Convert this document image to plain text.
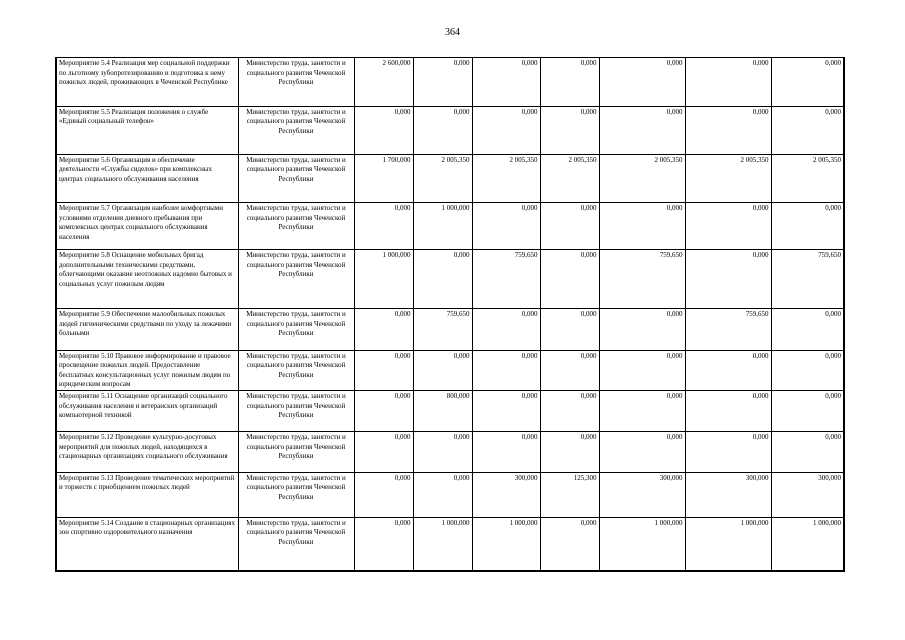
364
Мероприятие 5.4 Реализация мер социальной поддержки по льготному зубопротезированию и подготовка к нему пожилых людей, проживающих в Чеченской Республике	Министерство труда, занятости и социального развития Чеченской Республики	2 600,000	0,000	0,000	0,000	0,000	0,000	0,000

Мероприятие 5.5 Реализация положения о службе «Единый социальный телефон»	Министерство труда, занятости и социального развития Чеченской Республики	0,000	0,000	0,000	0,000	0,000	0,000	0,000

Мероприятие 5.6 Организация и обеспечение деятельности «Службы сиделок» при комплексных центрах социального обслуживания населения	Министерство труда, занятости и социального развития Чеченской Республики	1 700,000	2 005,350	2 005,350	2 005,350	2 005,350	2 005,350	2 005,350

Мероприятие 5.7 Организация наиболее комфортными условиями отделения дневного пребывания при комплексных центрах социального обслуживания населения	Министерство труда, занятости и социального развития Чеченской Республики	0,000	1 000,000	0,000	0,000	0,000	0,000	0,000

Мероприятие 5.8 Оснащение мобильных бригад дополнительными техническими средствами, облегчающими оказание неотложных надомно бытовых и социальных услуг пожилым людям	Министерство труда, занятости и социального развития Чеченской Республики	1 000,000	0,000	759,650	0,000	759,650	0,000	759,650

Мероприятие 5.9 Обеспечение малообильных пожилых людей гигиеническими средствами по уходу за лежачими больными	Министерство труда, занятости и социального развития Чеченской Республики	0,000	759,650	0,000	0,000	0,000	759,650	0,000

Мероприятие 5.10 Правовое информирование и правовое просвещение пожилых людей. Предоставление бесплатных консультационных услуг пожилым людям по юридическим вопросам	Министерство труда, занятости и социального развития Чеченской Республики	0,000	0,000	0,000	0,000	0,000	0,000	0,000

Мероприятие 5.11 Оснащение организаций социального обслуживания населения и ветеранских организаций компьютерной техникой	Министерство труда, занятости и социального развития Чеченской Республики	0,000	800,000	0,000	0,000	0,000	0,000	0,000

Мероприятие 5.12 Проведение культурно-досуговых мероприятий для пожилых людей, находящихся в стационарных организациях социального обслуживания	Министерство труда, занятости и социального развития Чеченской Республики	0,000	0,000	0,000	0,000	0,000	0,000	0,000

Мероприятие 5.13 Проведение тематических мероприятий и торжеств с приобщением пожилых людей	Министерство труда, занятости и социального развития Чеченской Республики	0,000	0,000	300,000	125,300	300,000	300,000	300,000

Мероприятие 5.14 Создание в стационарных организациях зон спортивно оздоровительного назначения	Министерство труда, занятости и социального развития Чеченской Республики	0,000	1 000,000	1 000,000	0,000	1 000,000	1 000,000	1 000,000
